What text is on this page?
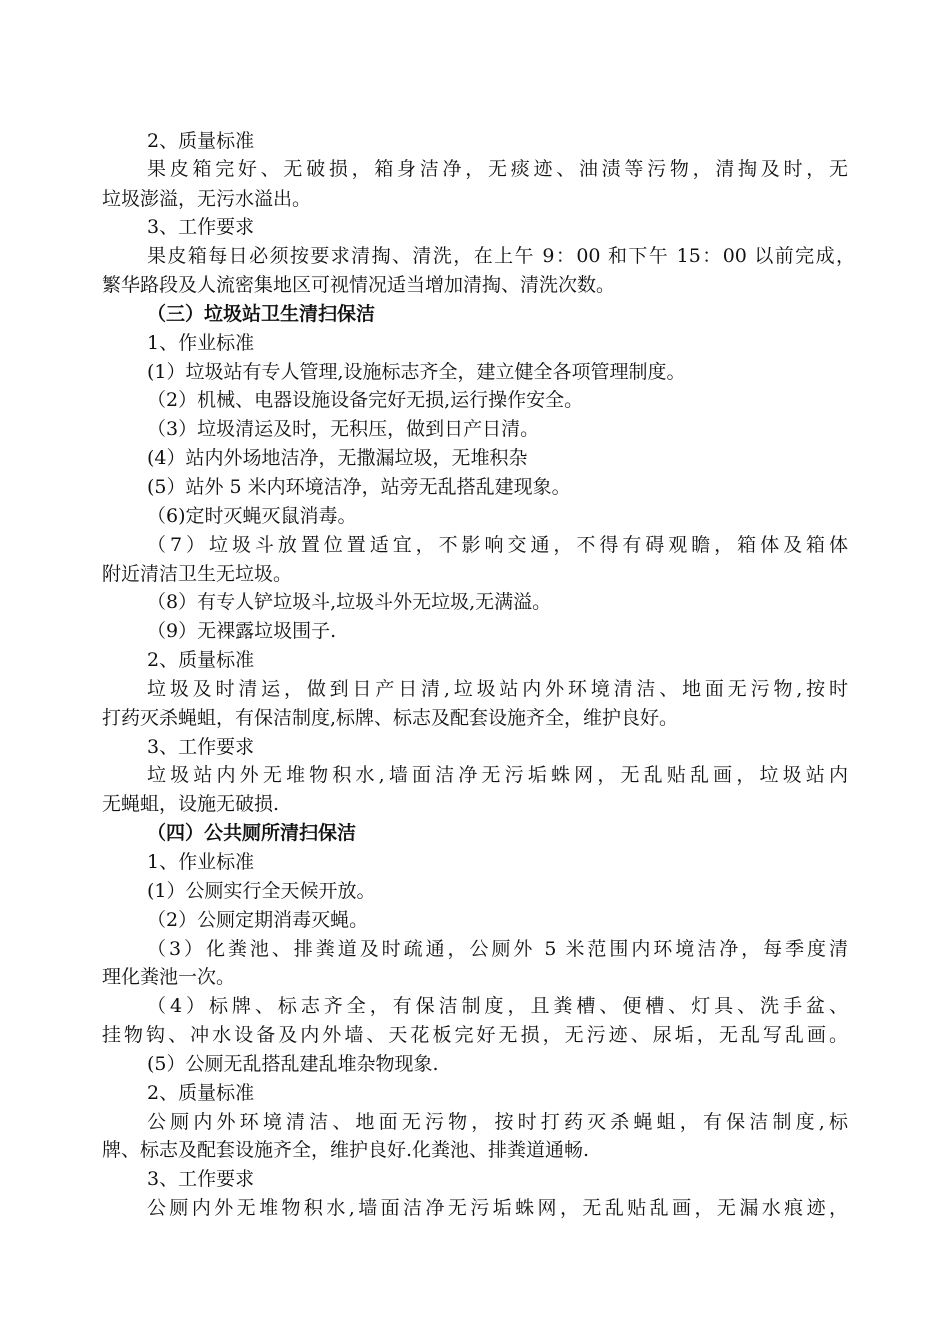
2、质量标准
果皮箱完好、无破损，箱身洁净，无痰迹、油渍等污物，清掏及时，无
垃圾澎溢，无污水溢出。
3、工作要求
果皮箱每日必须按要求清掏、清洗，在上午 9：00 和下午 15：00 以前完成，
繁华路段及人流密集地区可视情况适当增加清掏、清洗次数。
（三）垃圾站卫生清扫保洁
1、作业标准
(1）垃圾站有专人管理,设施标志齐全，建立健全各项管理制度。
（2）机械、电器设施设备完好无损,运行操作安全。
（3）垃圾清运及时，无积压，做到日产日清。
(4）站内外场地洁净，无撒漏垃圾，无堆积杂
(5）站外 5 米内环境洁净，站旁无乱搭乱建现象。
（6)定时灭蝇灭鼠消毒。
（7）垃圾斗放置位置适宜，不影响交通，不得有碍观瞻，箱体及箱体
附近清洁卫生无垃圾。
（8）有专人铲垃圾斗,垃圾斗外无垃圾,无满溢。
（9）无裸露垃圾围子.
2、质量标准
垃圾及时清运，做到日产日清,垃圾站内外环境清洁、地面无污物,按时
打药灭杀蝇蛆，有保洁制度,标牌、标志及配套设施齐全，维护良好。
3、工作要求
垃圾站内外无堆物积水,墙面洁净无污垢蛛网，无乱贴乱画，垃圾站内
无蝇蛆，设施无破损.
（四）公共厕所清扫保洁
1、作业标准
(1）公厕实行全天候开放。
（2）公厕定期消毒灭蝇。
（3）化粪池、排粪道及时疏通，公厕外 5 米范围内环境洁净，每季度清
理化粪池一次。
（4）标牌、标志齐全，有保洁制度，且粪槽、便槽、灯具、洗手盆、
挂物钩、冲水设备及内外墙、天花板完好无损，无污迹、尿垢，无乱写乱画。
(5）公厕无乱搭乱建乱堆杂物现象.
2、质量标准
公厕内外环境清洁、地面无污物，按时打药灭杀蝇蛆，有保洁制度,标
牌、标志及配套设施齐全，维护良好.化粪池、排粪道通畅.
3、工作要求
公厕内外无堆物积水,墙面洁净无污垢蛛网，无乱贴乱画，无漏水痕迹，
